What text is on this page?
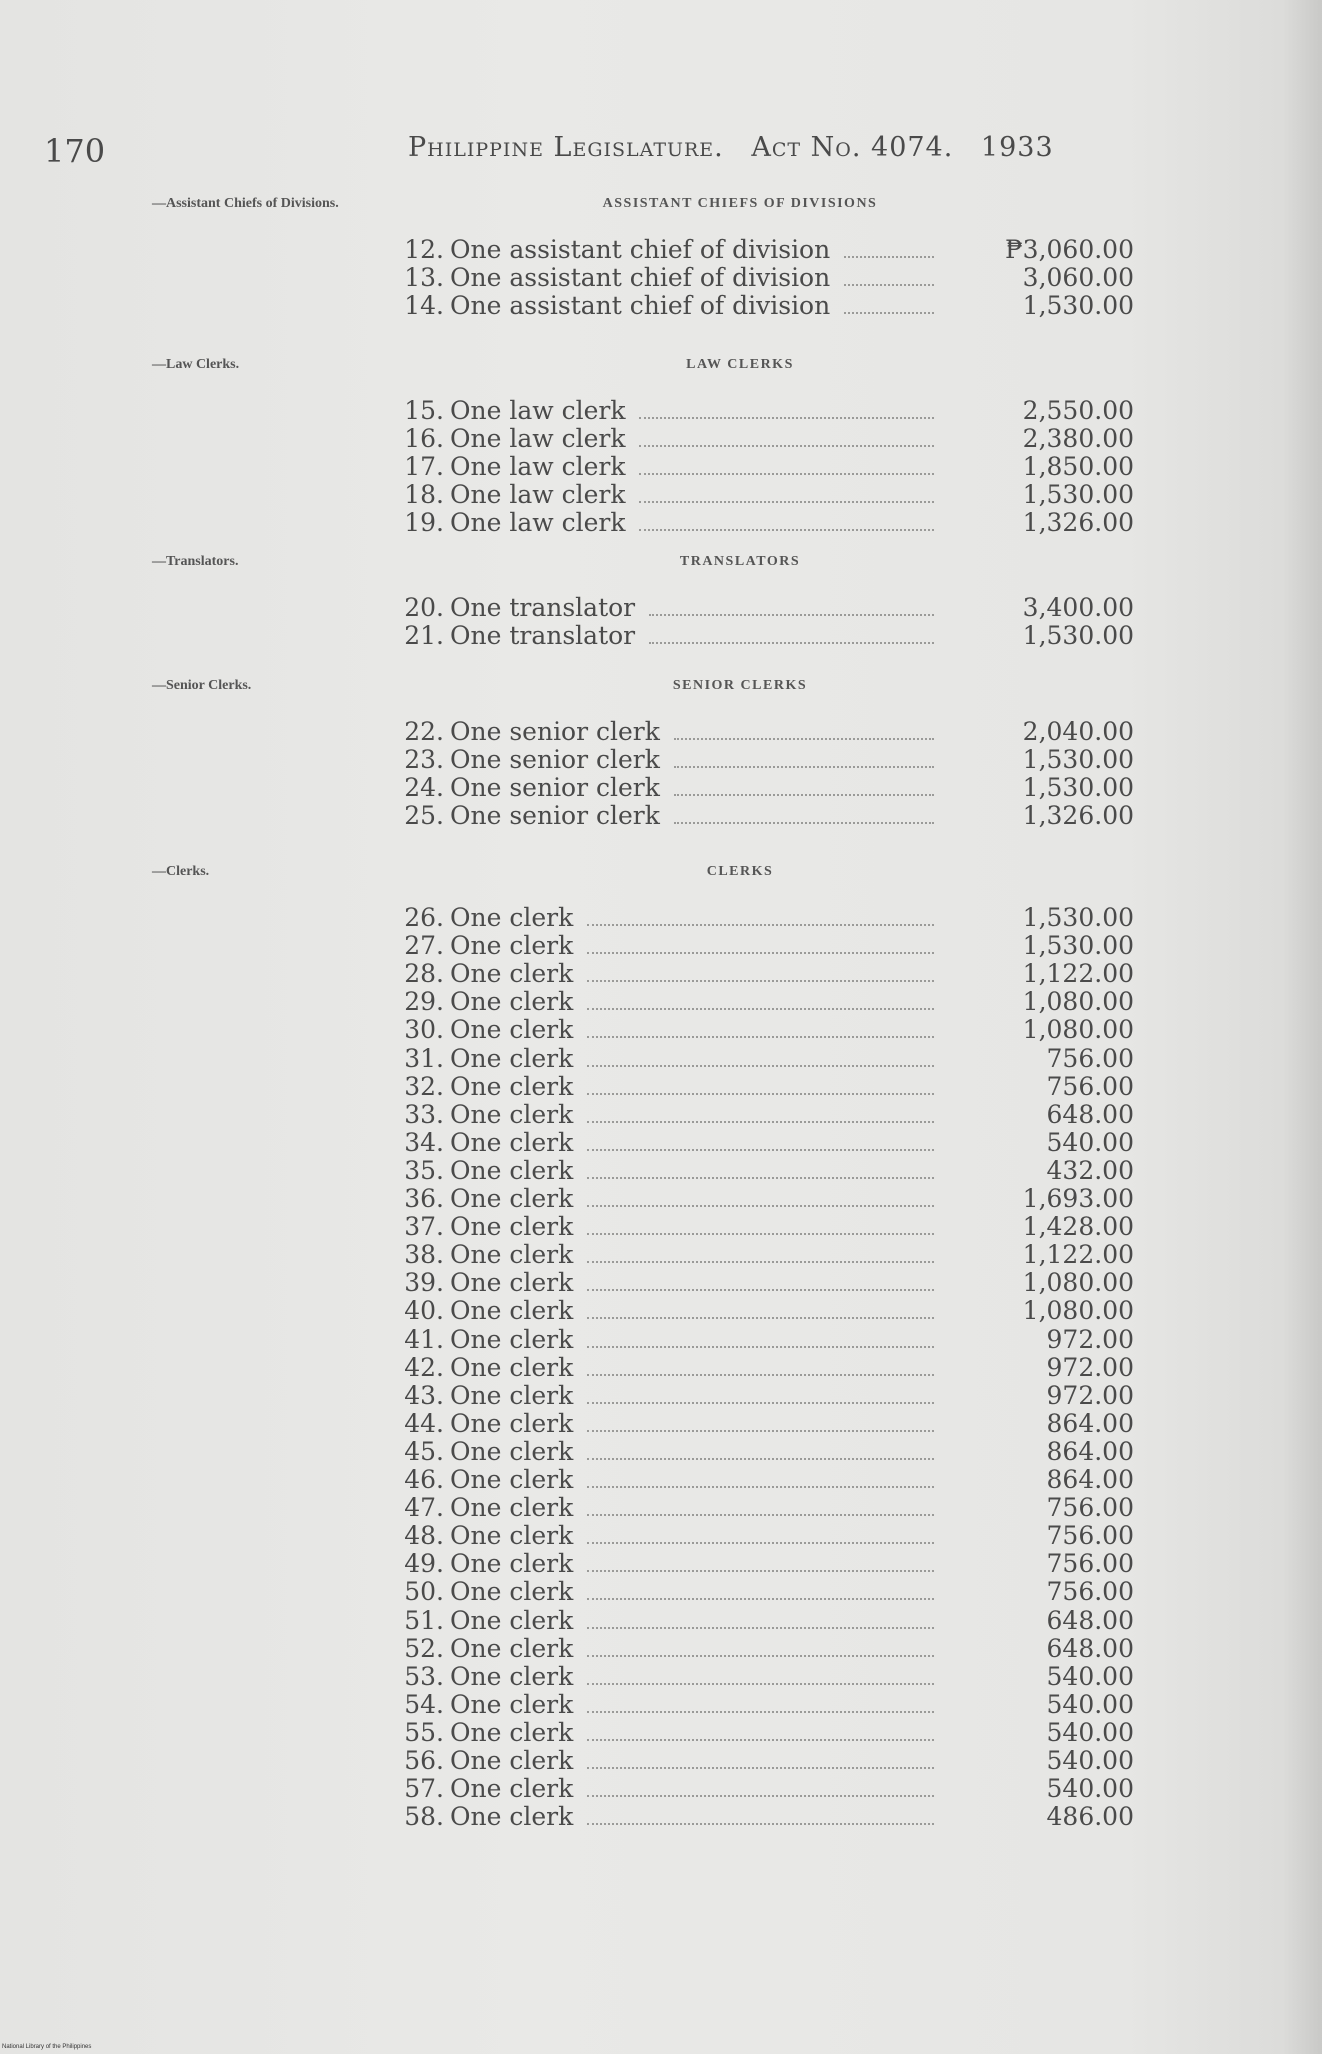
170	Philippine Legislature. Act No. 4074. 1933
—Assistant Chiefs of Divisions.	ASSISTANT CHIEFS OF DIVISIONS
12. One assistant chief of division	₱3,060.00
13. One assistant chief of division	3,060.00
14. One assistant chief of division	1,530.00
—Law Clerks.	LAW CLERKS
15. One law clerk	2,550.00
16. One law clerk	2,380.00
17. One law clerk	1,850.00
18. One law clerk	1,530.00
19. One law clerk	1,326.00
—Translators.	TRANSLATORS
20. One translator	3,400.00
21. One translator	1,530.00
—Senior Clerks.	SENIOR CLERKS
22. One senior clerk	2,040.00
23. One senior clerk	1,530.00
24. One senior clerk	1,530.00
25. One senior clerk	1,326.00
—Clerks.	CLERKS
26. One clerk	1,530.00
27. One clerk	1,530.00
28. One clerk	1,122.00
29. One clerk	1,080.00
30. One clerk	1,080.00
31. One clerk	756.00
32. One clerk	756.00
33. One clerk	648.00
34. One clerk	540.00
35. One clerk	432.00
36. One clerk	1,693.00
37. One clerk	1,428.00
38. One clerk	1,122.00
39. One clerk	1,080.00
40. One clerk	1,080.00
41. One clerk	972.00
42. One clerk	972.00
43. One clerk	972.00
44. One clerk	864.00
45. One clerk	864.00
46. One clerk	864.00
47. One clerk	756.00
48. One clerk	756.00
49. One clerk	756.00
50. One clerk	756.00
51. One clerk	648.00
52. One clerk	648.00
53. One clerk	540.00
54. One clerk	540.00
55. One clerk	540.00
56. One clerk	540.00
57. One clerk	540.00
58. One clerk	486.00
National Library of the Philippines
